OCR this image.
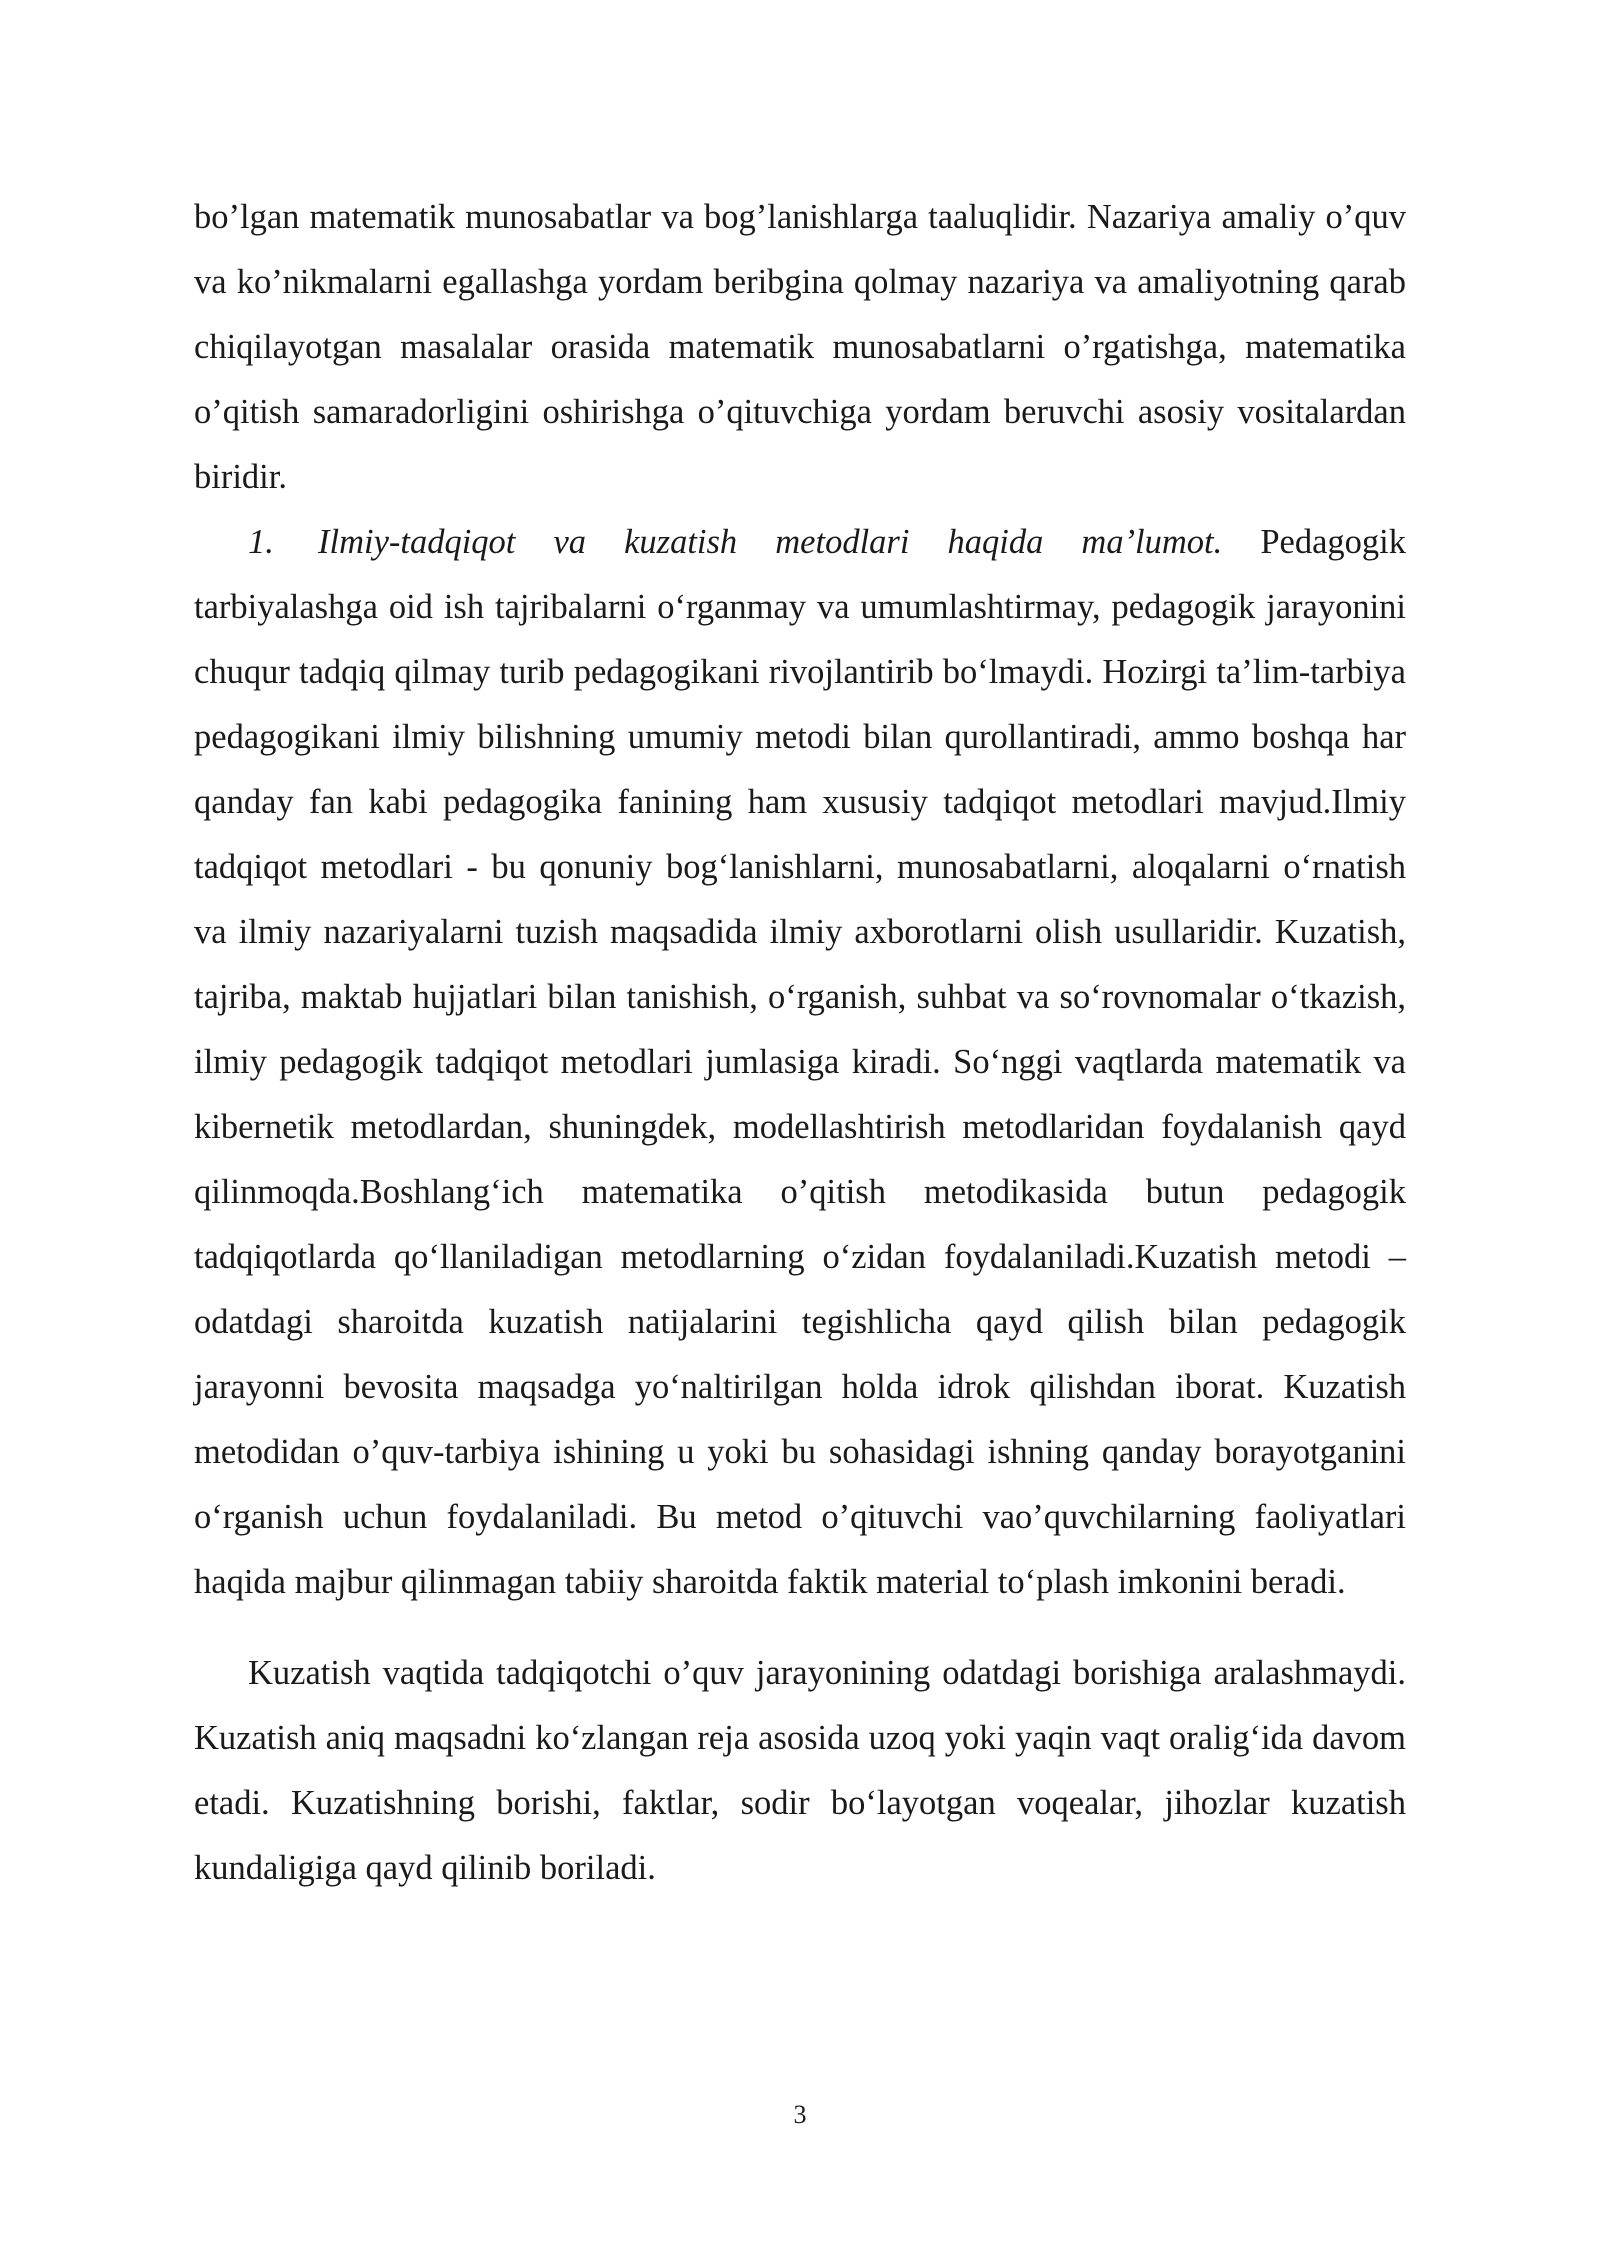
bo’lgan matematik munosabatlar va bog’lanishlarga taaluqlidir. Nazariya amaliy o’quv va ko’nikmalarni egallashga yordam beribgina qolmay nazariya va amaliyotning qarab chiqilayotgan masalalar orasida matematik munosabatlarni o’rgatishga, matematika o’qitish samaradorligini oshirishga o’qituvchiga yordam beruvchi asosiy vositalardan biridir.

1. Ilmiy-tadqiqot va kuzatish metodlari haqida ma’lumot. Pedagogik tarbiyalashga oid ish tajribalarni o‘rganmay va umumlashtirmay, pedagogik jarayonini chuqur tadqiq qilmay turib pedagogikani rivojlantirib bo‘lmaydi. Hozirgi ta’lim-tarbiya pedagogikani ilmiy bilishning umumiy metodi bilan qurollantiradi, ammo boshqa har qanday fan kabi pedagogika fanining ham xususiy tadqiqot metodlari mavjud.Ilmiy tadqiqot metodlari - bu qonuniy bog‘lanishlarni, munosabatlarni, aloqalarni o‘rnatish va ilmiy nazariyalarni tuzish maqsadida ilmiy axborotlarni olish usullaridir. Kuzatish, tajriba, maktab hujjatlari bilan tanishish, o‘rganish, suhbat va so‘rovnomalar o‘tkazish, ilmiy pedagogik tadqiqot metodlari jumlasiga kiradi. So‘nggi vaqtlarda matematik va kibernetik metodlardan, shuningdek, modellashtirish metodlaridan foydalanish qayd qilinmoqda.Boshlang‘ich matematika o’qitish metodikasida butun pedagogik tadqiqotlarda qo‘llaniladigan metodlarning o‘zidan foydalaniladi.Kuzatish metodi – odatdagi sharoitda kuzatish natijalarini tegishlicha qayd qilish bilan pedagogik jarayonni bevosita maqsadga yo‘naltirilgan holda idrok qilishdan iborat. Kuzatish metodidan o’quv-tarbiya ishining u yoki bu sohasidagi ishning qanday borayotganini o‘rganish uchun foydalaniladi. Bu metod o’qituvchi vao’quvchilarning faoliyatlari haqida majbur qilinmagan tabiiy sharoitda faktik material to‘plash imkonini beradi.

Kuzatish vaqtida tadqiqotchi o’quv jarayonining odatdagi borishiga aralashmaydi. Kuzatish aniq maqsadni ko‘zlangan reja asosida uzoq yoki yaqin vaqt oralig‘ida davom etadi. Kuzatishning borishi, faktlar, sodir bo‘layotgan voqealar, jihozlar kuzatish kundaligiga qayd qilinib boriladi.

3
